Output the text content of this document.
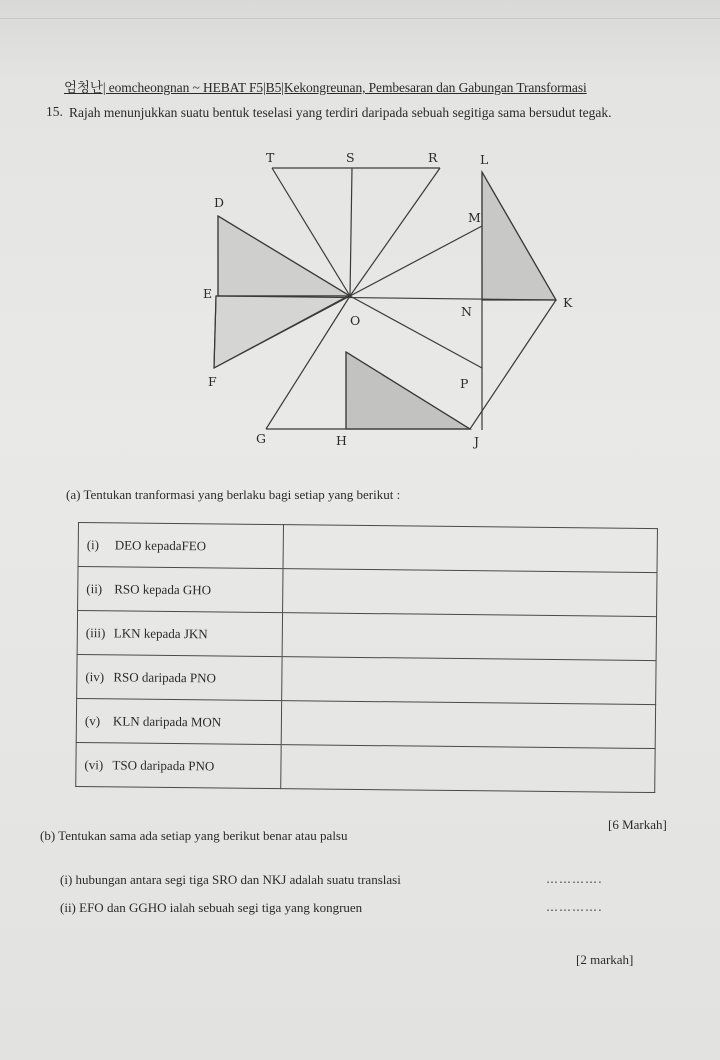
엄청난| eomcheongnan ~ HEBAT F5|B5|Kekongreunan, Pembesaran dan Gabungan Transformasi
15. Rajah menunjukkan suatu bentuk teselasi yang terdiri daripada sebuah segitiga sama bersudut tegak.
T	S	R	L
D
M
E
K
N
O
F	P
G	H	J
(a) Tentukan tranformasi yang berlaku bagi setiap yang berikut :
(i) DEO kepadaFEO	
(ii) RSO kepada GHO	
(iii) LKN kepada JKN	
(iv) RSO daripada PNO	
(v) KLN daripada MON	
(vi) TSO daripada PNO	
[6 Markah]
(b) Tentukan sama ada setiap yang berikut benar atau palsu
(i) hubungan antara segi tiga SRO dan NKJ adalah suatu translasi	………….
(ii) EFO dan GGHO ialah sebuah segi tiga yang kongruen	………….
[2 markah]
